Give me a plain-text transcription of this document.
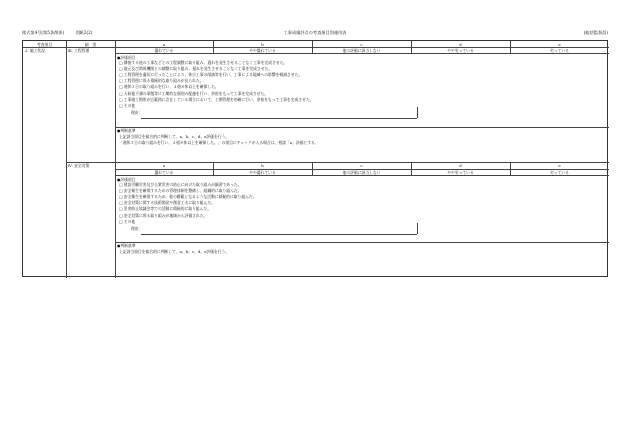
様式第4号(第5条関係)	別紙2(2)	工事成績評点の考査項目別運用表	(総括監督員)
考査項目	細　別	a	b	c	d	e
2. 施工状況	Ⅲ. 工程管理	優れている	やや優れている	他の評価に該当しない	やや劣っている	劣っている
●評価項目
□ 隣接する他の工事などとの工程調整に取り組み、遅れを発生させることなく工事を完成させた。
□ 地元及び関係機関との調整に取り組み、遅れを発生させることなく工事を完成させた。
□ 工程管理を適切に行ったことにより、休日工事の削減等を行い、工事による地域への影響を軽減させた。
□ 工程管理に係る積極的な取り組みが見られた。
□ 週休２日の取り組みを行い、４週８休以上を確保した。
□ 天候他不測の事態等に工期的な個別の配慮を行い、余裕をもって工事を完成させた。
□ 工事施工箇所が広範囲に点在している場合において、工期管理を的確に行い、余裕をもって工事を完成させた。
□ その他
理由：
●判断基準
上記該当項目を総合的に判断して、a、b、c、d、e評価を行う。
「週休２日の取り組みを行い、４週８休以上を確保した。」の項目にチェックが入る場合は、相談「a」評価とする。
Ⅳ. 安全対策	a	b	c	d	e
優れている	やや優れている	他の評価に該当しない	やや劣っている	劣っている
●評価項目
□ 建設労働災害及び公衆災害の防止に向けた取り組みが顕著であった。
□ 安全衛生を確保するための管理体制を整備し、組織的に取り組んだ。
□ 安全衛生を確保するため、他の模範となるような活動に積極的に取り組んだ。
□ 安全対策に関する技術開発や創意工夫に取り組んだ。
□ 災害防止協議会等での活動に積極的に取り組んだ。
□ 安全対策に係る取り組みが地域から評価された。
□ その他
理由：
●判断基準
上記該当項目を総合的に判断して、a、b、c、d、e評価を行う。
